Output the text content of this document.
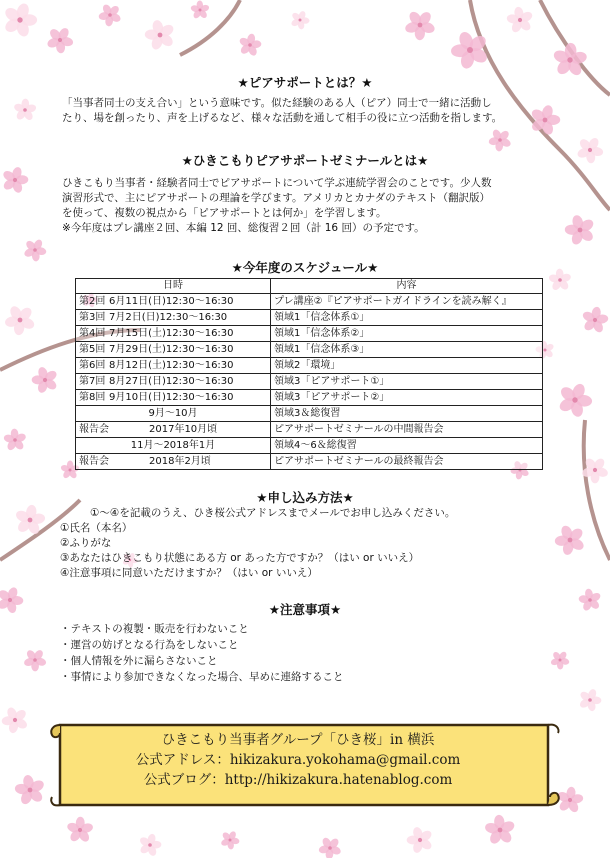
★ピアサポートとは？★
「当事者同士の支え合い」という意味です。似た経験のある人（ピア）同士で一緒に活動し
たり、場を創ったり、声を上げるなど、様々な活動を通して相手の役に立つ活動を指します。
★ひきこもりピアサポートゼミナールとは★
ひきこもり当事者・経験者同士でピアサポートについて学ぶ連続学習会のことです。少人数
演習形式で、主にピアサポートの理論を学びます。アメリカとカナダのテキスト（翻訳版）
を使って、複数の視点から「ピアサポートとは何か」を学習します。
※今年度はプレ講座２回、本編 12 回、総復習２回（計 16 回）の予定です。
★今年度のスケジュール★
日時	内容
第2回 6月11日(日)12:30～16:30	プレ講座②『ピアサポートガイドラインを読み解く』
第3回 7月2日(日)12:30～16:30	領域1「信念体系①」
第4回 7月15日(土)12:30～16:30	領域1「信念体系②」
第5回 7月29日(土)12:30～16:30	領域1「信念体系③」
第6回 8月12日(土)12:30～16:30	領域2「環境」
第7回 8月27日(日)12:30～16:30	領域3「ピアサポート①」
第8回 9月10日(日)12:30～16:30	領域3「ピアサポート②」
9月～10月	領域3＆総復習
報告会 2017年10月頃	ピアサポートゼミナールの中間報告会
11月～2018年1月	領域4～6＆総復習
報告会 2018年2月頃	ピアサポートゼミナールの最終報告会
★申し込み方法★
①～④を記載のうえ、ひき桜公式アドレスまでメールでお申し込みください。
①氏名（本名）
②ふりがな
③あなたはひきこもり状態にある方 or あった方ですか？（はい or いいえ）
④注意事項に同意いただけますか？（はい or いいえ）
★注意事項★
・テキストの複製・販売を行わないこと
・運営の妨げとなる行為をしないこと
・個人情報を外に漏らさないこと
・事情により参加できなくなった場合、早めに連絡すること
ひきこもり当事者グループ「ひき桜」in 横浜
公式アドレス：hikizakura.yokohama@gmail.com
公式ブログ：http://hikizakura.hatenablog.com
